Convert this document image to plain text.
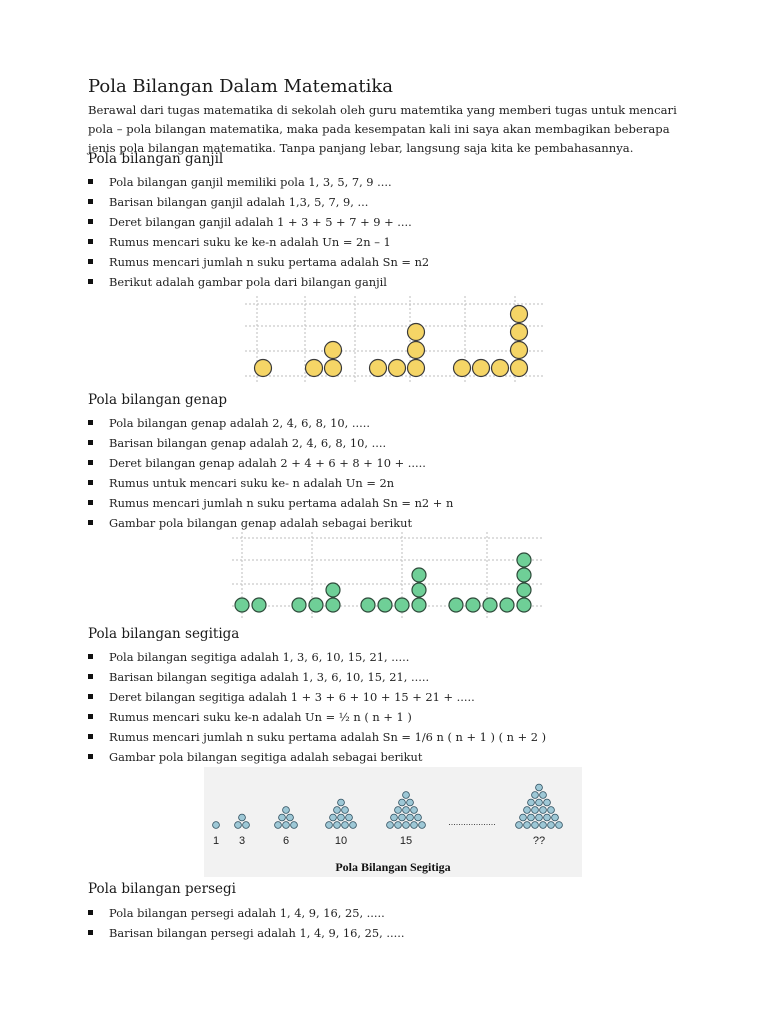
Pola Bilangan Dalam Matematika

Berawal dari tugas matematika di sekolah oleh guru matemtika yang memberi tugas untuk mencari pola – pola bilangan matematika, maka pada kesempatan kali ini saya akan membagikan beberapa jenis pola bilangan matematika. Tanpa panjang lebar, langsung saja kita ke pembahasannya.

Pola bilangan ganjil
Pola bilangan ganjil memiliki pola 1, 3, 5, 7, 9 ....
Barisan bilangan ganjil adalah 1,3, 5, 7, 9, ...
Deret bilangan ganjil adalah 1 + 3 + 5 + 7 + 9 + ....
Rumus mencari suku ke ke-n adalah Un = 2n – 1
Rumus mencari jumlah n suku pertama adalah Sn = n2
Berikut adalah gambar pola dari bilangan ganjil
Pola bilangan genap
Pola bilangan genap adalah 2, 4, 6, 8, 10, .....
Barisan bilangan genap adalah 2, 4, 6, 8, 10, ....
Deret bilangan genap adalah 2 + 4 + 6 + 8 + 10 + .....
Rumus untuk mencari suku ke- n adalah Un = 2n
Rumus mencari jumlah n suku pertama adalah Sn = n2 + n
Gambar pola bilangan genap adalah sebagai berikut
Pola bilangan segitiga
Pola bilangan segitiga adalah 1, 3, 6, 10, 15, 21, .....
Barisan bilangan segitiga adalah 1, 3, 6, 10, 15, 21, .....
Deret bilangan segitiga adalah 1 + 3 + 6 + 10 + 15 + 21 + .....
Rumus mencari suku ke-n adalah Un = ½ n ( n + 1 )
Rumus mencari jumlah n suku pertama adalah Sn = 1/6 n ( n + 1 ) ( n + 2 )
Gambar pola bilangan segitiga adalah sebagai berikut
1 3	6	10	15	??
...................
Pola Bilangan Segitiga
Pola bilangan persegi
Pola bilangan persegi adalah 1, 4, 9, 16, 25, .....
Barisan bilangan persegi adalah 1, 4, 9, 16, 25, .....
